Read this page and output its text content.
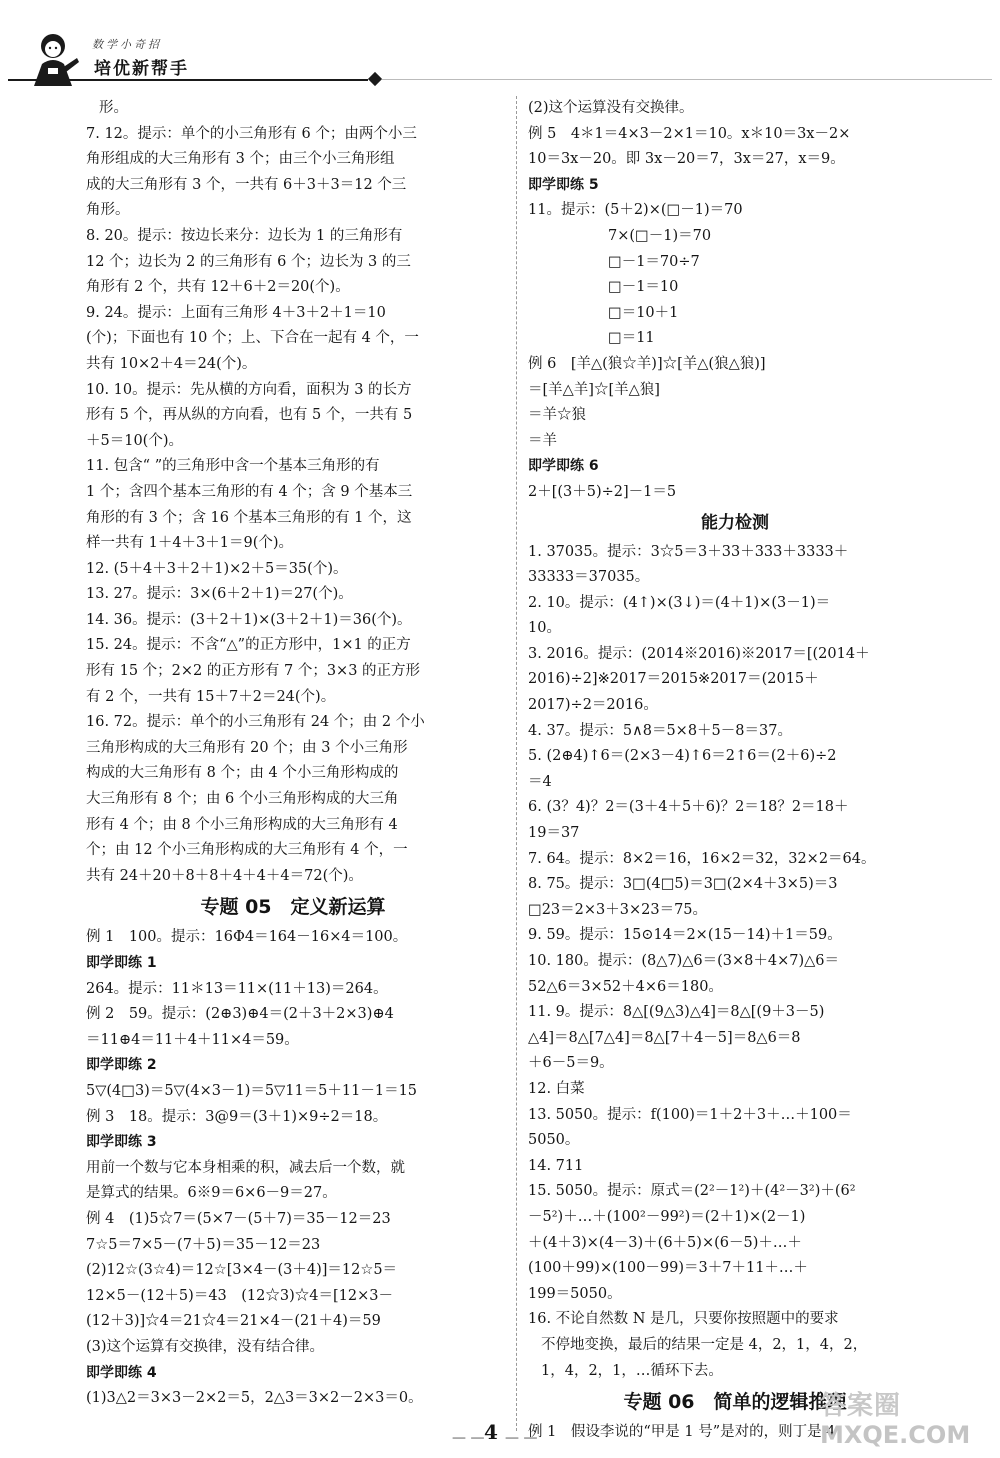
数学小奇招
培优新帮手
形。
7. 12。提示：单个的小三角形有 6 个；由两个小三
角形组成的大三角形有 3 个；由三个小三角形组
成的大三角形有 3 个，一共有 6＋3＋3＝12 个三
角形。
8. 20。提示：按边长来分：边长为 1 的三角形有
12 个；边长为 2 的三角形有 6 个；边长为 3 的三
角形有 2 个，共有 12＋6＋2＝20(个)。
9. 24。提示：上面有三角形 4＋3＋2＋1＝10
(个)；下面也有 10 个；上、下合在一起有 4 个，一
共有 10×2＋4＝24(个)。
10. 10。提示：先从横的方向看，面积为 3 的长方
形有 5 个，再从纵的方向看，也有 5 个，一共有 5
＋5＝10(个)。
11. 包含“ ”的三角形中含一个基本三角形的有
1 个；含四个基本三角形的有 4 个；含 9 个基本三
角形的有 3 个；含 16 个基本三角形的有 1 个，这
样一共有 1＋4＋3＋1＝9(个)。
12. (5＋4＋3＋2＋1)×2＋5＝35(个)。
13. 27。提示：3×(6＋2＋1)＝27(个)。
14. 36。提示：(3＋2＋1)×(3＋2＋1)＝36(个)。
15. 24。提示：不含“△”的正方形中，1×1 的正方
形有 15 个；2×2 的正方形有 7 个；3×3 的正方形
有 2 个，一共有 15＋7＋2＝24(个)。
16. 72。提示：单个的小三角形有 24 个；由 2 个小
三角形构成的大三角形有 20 个；由 3 个小三角形
构成的大三角形有 8 个；由 4 个小三角形构成的
大三角形有 8 个；由 6 个小三角形构成的大三角
形有 4 个；由 8 个小三角形构成的大三角形有 4
个；由 12 个小三角形构成的大三角形有 4 个，一
共有 24＋20＋8＋8＋4＋4＋4＝72(个)。
专题 05　定义新运算
例 1　100。提示：16Φ4＝164－16×4＝100。
即学即练 1
264。提示：11＊13＝11×(11＋13)＝264。
例 2　59。提示：(2⊕3)⊕4＝(2＋3＋2×3)⊕4
＝11⊕4＝11＋4＋11×4＝59。
即学即练 2
5▽(4□3)＝5▽(4×3－1)＝5▽11＝5＋11－1＝15
例 3　18。提示：3@9＝(3＋1)×9÷2＝18。
即学即练 3
用前一个数与它本身相乘的积，减去后一个数，就
是算式的结果。6※9＝6×6－9＝27。
例 4　(1)5☆7＝(5×7－(5＋7)＝35－12＝23
7☆5＝7×5－(7＋5)＝35－12＝23
(2)12☆(3☆4)＝12☆[3×4－(3＋4)]＝12☆5＝
12×5－(12＋5)＝43　(12☆3)☆4＝[12×3－
(12＋3)]☆4＝21☆4＝21×4－(21＋4)＝59
(3)这个运算有交换律，没有结合律。
即学即练 4
(1)3△2＝3×3－2×2＝5，2△3＝3×2－2×3＝0。
(2)这个运算没有交换律。
例 5　4＊1＝4×3－2×1＝10。x＊10＝3x－2×
10＝3x－20。即 3x－20＝7，3x＝27，x＝9。
即学即练 5
11。提示：(5＋2)×(□－1)＝70
7×(□－1)＝70
□－1＝70÷7
□－1＝10
□＝10＋1
□＝11
例 6　[羊△(狼☆羊)]☆[羊△(狼△狼)]
＝[羊△羊]☆[羊△狼]
＝羊☆狼
＝羊
即学即练 6
2＋[(3＋5)÷2]－1＝5
能力检测
1. 37035。提示：3☆5＝3＋33＋333＋3333＋
33333＝37035。
2. 10。提示：(4↑)×(3↓)＝(4＋1)×(3－1)＝
10。
3. 2016。提示：(2014※2016)※2017＝[(2014＋
2016)÷2]※2017＝2015※2017＝(2015＋
2017)÷2＝2016。
4. 37。提示：5∧8＝5×8＋5－8＝37。
5. (2⊕4)↑6＝(2×3－4)↑6＝2↑6＝(2＋6)÷2
＝4
6. (3？4)？2＝(3＋4＋5＋6)？2＝18？2＝18＋
19＝37
7. 64。提示：8×2＝16，16×2＝32，32×2＝64。
8. 75。提示：3□(4□5)＝3□(2×4＋3×5)＝3
□23＝2×3＋3×23＝75。
9. 59。提示：15⊙14＝2×(15－14)＋1＝59。
10. 180。提示：(8△7)△6＝(3×8＋4×7)△6＝
52△6＝3×52＋4×6＝180。
11. 9。提示：8△[(9△3)△4]＝8△[(9＋3－5)
△4]＝8△[7△4]＝8△[7＋4－5]＝8△6＝8
＋6－5＝9。
12. 白菜
13. 5050。提示：f(100)＝1＋2＋3＋…＋100＝
5050。
14. 711
15. 5050。提示：原式＝(2²－1²)＋(4²－3²)＋(6²
－5²)＋…＋(100²－99²)＝(2＋1)×(2－1)
＋(4＋3)×(4－3)＋(6＋5)×(6－5)＋…＋
(100＋99)×(100－99)＝3＋7＋11＋…＋
199＝5050。
16. 不论自然数 N 是几，只要你按照题中的要求
不停地变换，最后的结果一定是 4，2，1，4，2，
1，4，2，1，…循环下去。
专题 06　简单的逻辑推理
例 1　假设李说的“甲是 1 号”是对的，则丁是 4
— — 4 — —
答案圈
MXQE.COM
